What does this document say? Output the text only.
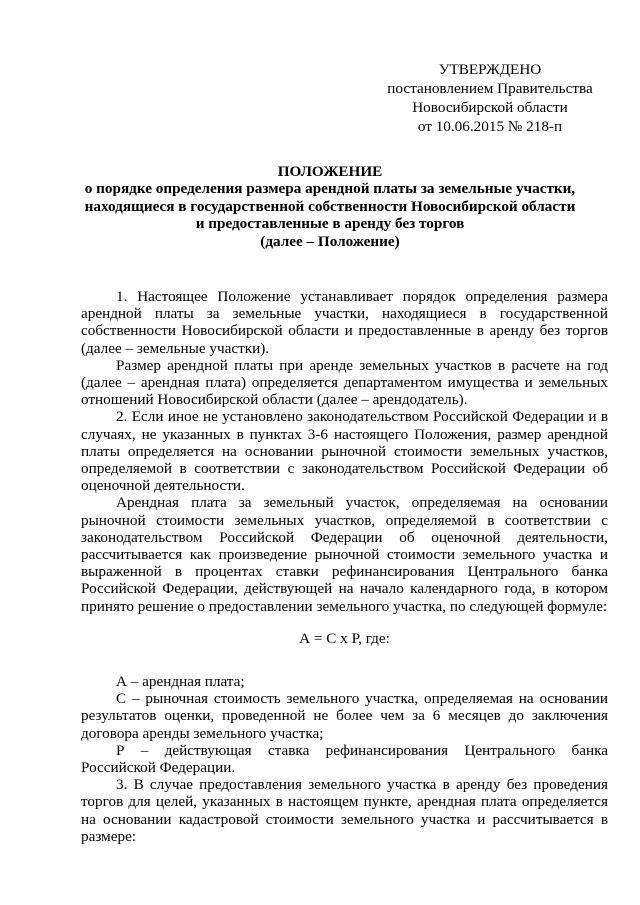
УТВЕРЖДЕНО
постановлением Правительства
Новосибирской области
от 10.06.2015 № 218-п
ПОЛОЖЕНИЕ
о порядке определения размера арендной платы за земельные участки,
находящиеся в государственной собственности Новосибирской области
и предоставленные в аренду без торгов
(далее – Положение)

1. Настоящее Положение устанавливает порядок определения размера арендной платы за земельные участки, находящиеся в государственной собственности Новосибирской области и предоставленные в аренду без торгов (далее – земельные участки).

Размер арендной платы при аренде земельных участков в расчете на год (далее – арендная плата) определяется департаментом имущества и земельных отношений Новосибирской области (далее – арендодатель).

2. Если иное не установлено законодательством Российской Федерации и в случаях, не указанных в пунктах 3-6 настоящего Положения, размер арендной платы определяется на основании рыночной стоимости земельных участков, определяемой в соответствии с законодательством Российской Федерации об оценочной деятельности.

Арендная плата за земельный участок, определяемая на основании рыночной стоимости земельных участков, определяемой в соответствии с законодательством Российской Федерации об оценочной деятельности, рассчитывается как произведение рыночной стоимости земельного участка и выраженной в процентах ставки рефинансирования Центрального банка Российской Федерации, действующей на начало календарного года, в котором принято решение о предоставлении земельного участка, по следующей формуле:

А = С х Р, где:

А – арендная плата;

С – рыночная стоимость земельного участка, определяемая на основании результатов оценки, проведенной не более чем за 6 месяцев до заключения договора аренды земельного участка;

Р – действующая ставка рефинансирования Центрального банка Российской Федерации.

3. В случае предоставления земельного участка в аренду без проведения торгов для целей, указанных в настоящем пункте, арендная плата определяется на основании кадастровой стоимости земельного участка и рассчитывается в размере:
